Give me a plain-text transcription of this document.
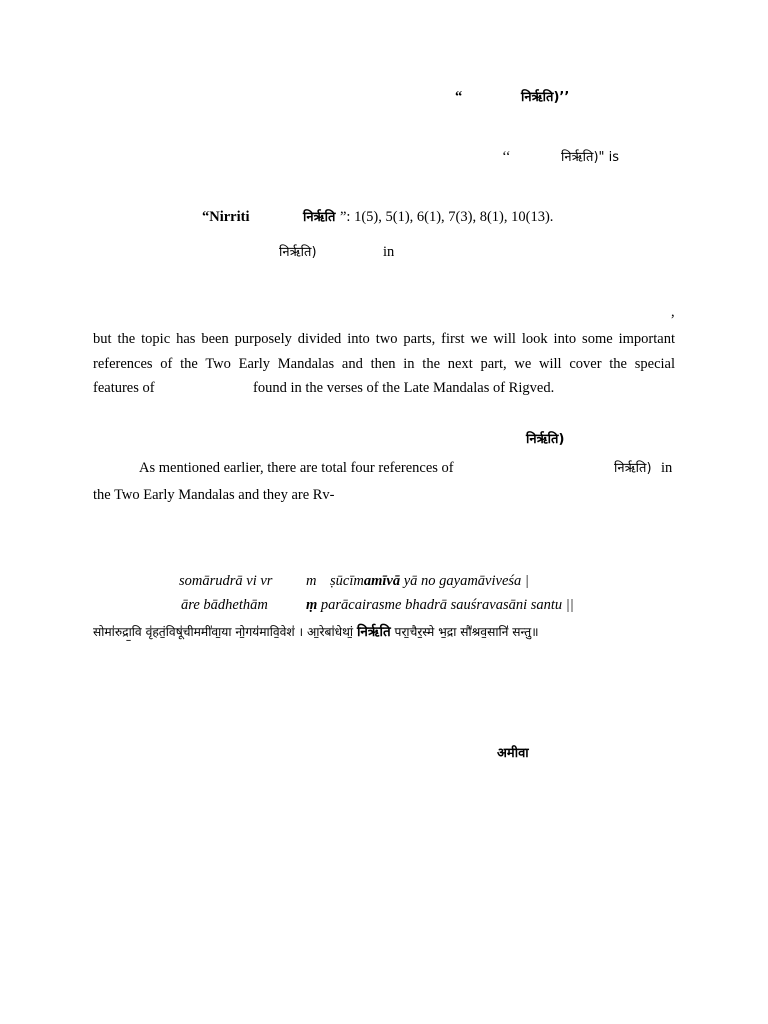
“	निर्ऋति)’’

‘‘	निर्ऋति)" is

“Nirriti	निर्ऋति ”: 1(5), 5(1), 6(1), 7(3), 8(1), 10(13).

निर्ऋति)	in

,

but the topic has been purposely divided into two parts, first we will look into some important
references of the Two Early Mandalas and then in the next part, we will cover the special

features of	found in the verses of the Late Mandalas of Rigved.

निर्ऋति)

As mentioned earlier, there are total four references of	निर्ऋति) in

the Two Early Mandalas and they are Rv-

somārudrā vi vr m ṣūcīmamīvā yā no gayamāviveśa |

āre bādhethām	ṃ parācairasme bhadrā sauśravasāni santu ||

सोमा॑रुद्रा॒वि वृ॑हतं॒विषू॑चीममी॑वा॒या नो॒गय॑मावि॒वेश॑ । आ॒रेबा॑धेथां॒ निर्ऋति परा॒चैर॒स्मे भ॒द्रा सौ॑श्रव॒सानि॑ सन्तु॥

अमीवा
